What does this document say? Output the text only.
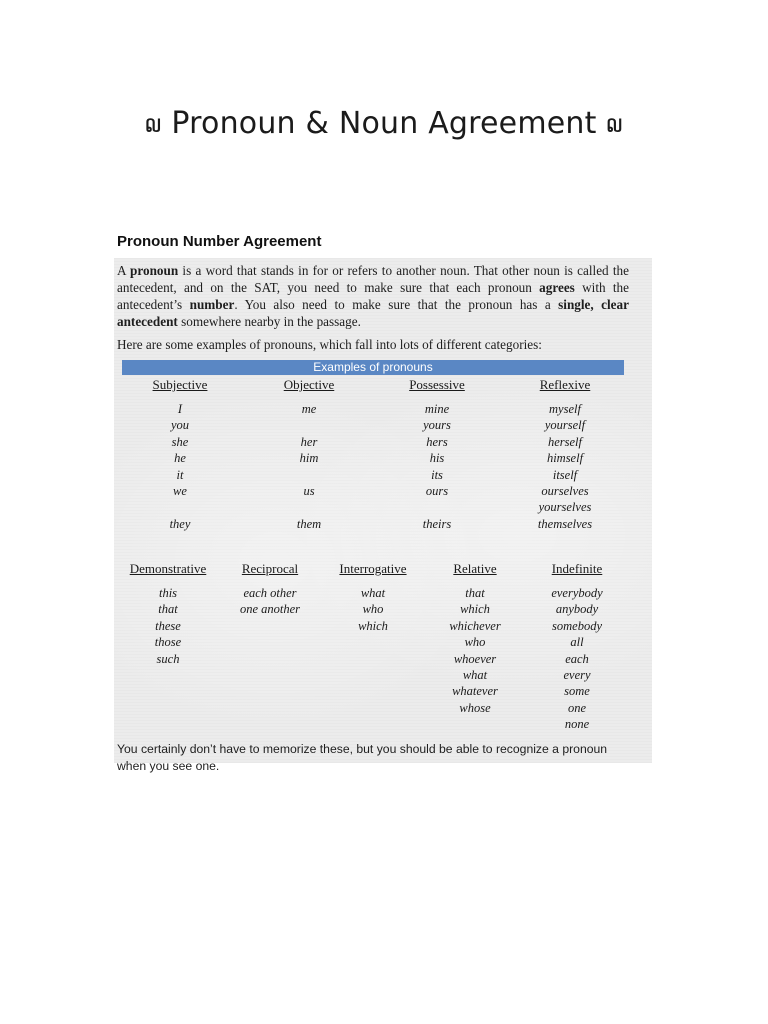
໙ Pronoun & Noun Agreement ໙
Pronoun Number Agreement
A pronoun is a word that stands in for or refers to another noun. That other noun is called the antecedent, and on the SAT, you need to make sure that each pronoun agrees with the antecedent’s number. You also need to make sure that the pronoun has a single, clear antecedent somewhere nearby in the passage.
Here are some examples of pronouns, which fall into lots of different categories:
Examples of pronouns
Subjective
I
you
she
he
it
we
they
Objective
me
her
him
us
them
Possessive
mine
yours
hers
his
its
ours
theirs
Reflexive
myself
yourself
herself
himself
itself
ourselves
yourselves
themselves
Demonstrative
this
that
these
those
such
Reciprocal
each other
one another
Interrogative
what
who
which
Relative
that
which
whichever
who
whoever
what
whatever
whose
Indefinite
everybody
anybody
somebody
all
each
every
some
one
none
You certainly don’t have to memorize these, but you should be able to recognize a pronoun when you see one.
